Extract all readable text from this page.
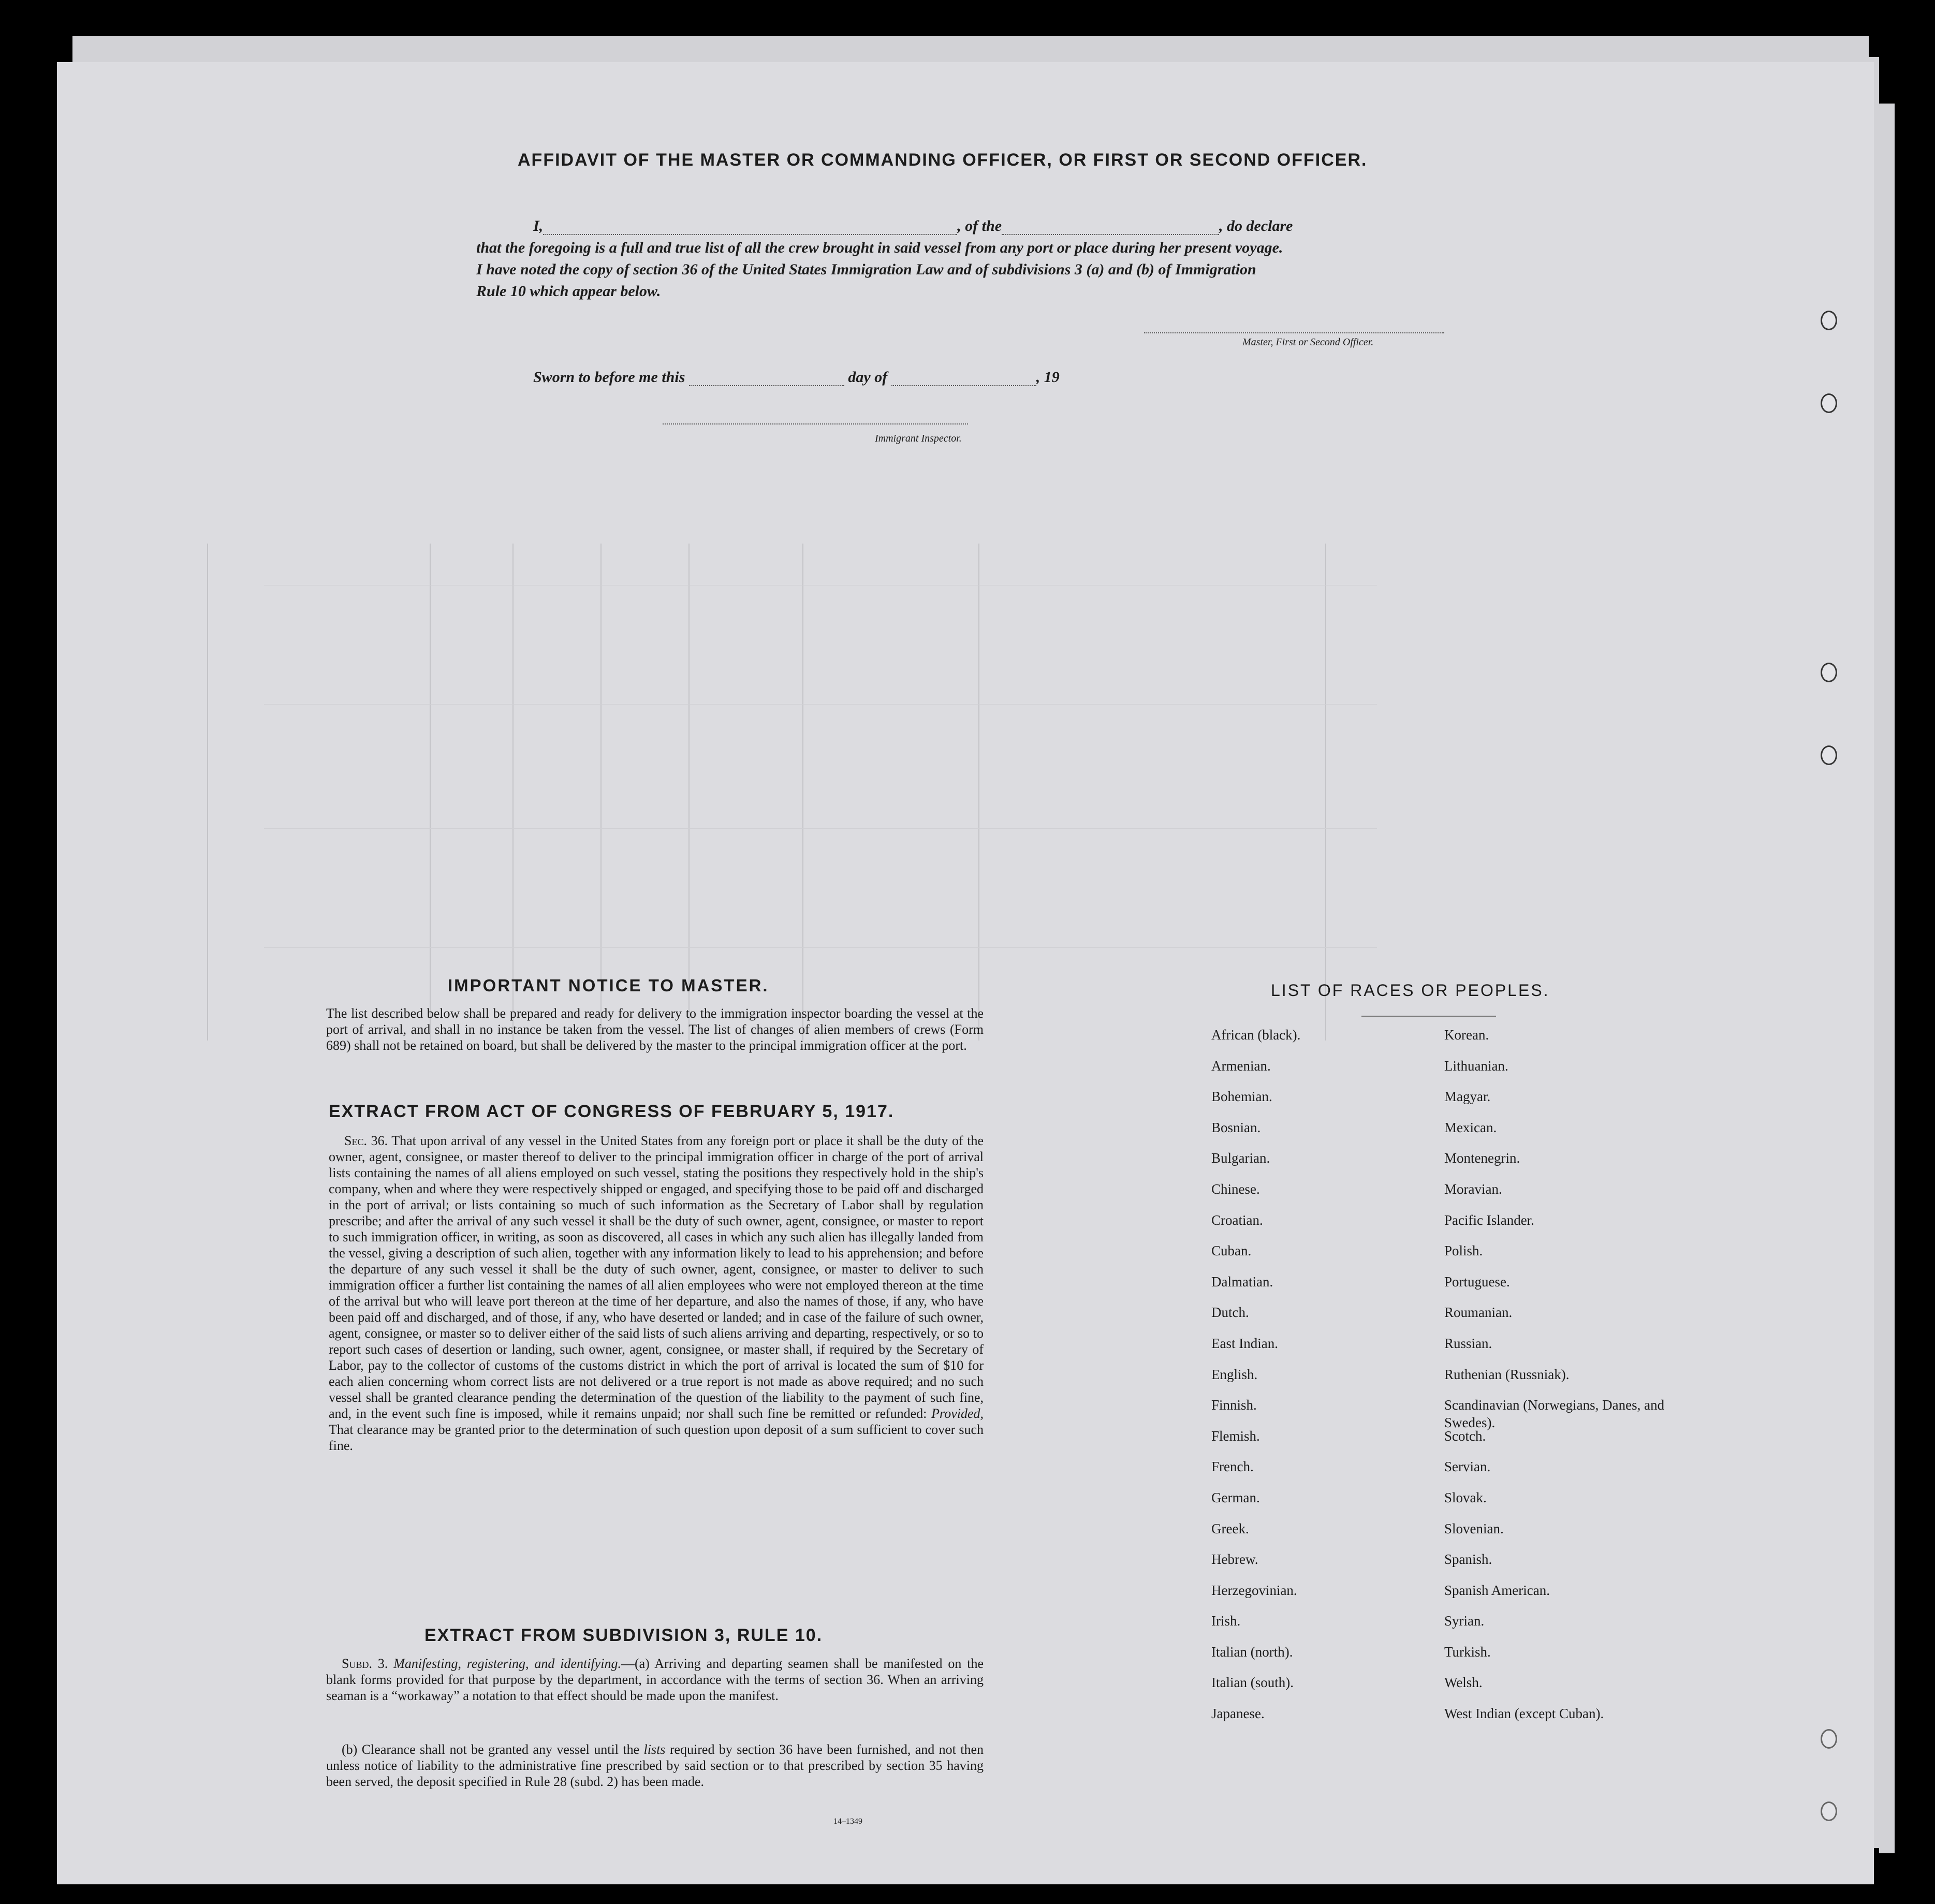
AFFIDAVIT OF THE MASTER OR COMMANDING OFFICER, OR FIRST OR SECOND OFFICER.
I,	, of the	, do declare
that the foregoing is a full and true list of all the crew brought in said vessel from any port or place during her present voyage.
I have noted the copy of section 36 of the United States Immigration Law and of subdivisions 3 (a) and (b) of Immigration
Rule 10 which appear below.
Master, First or Second Officer.
Sworn to before me this	day of	, 19
Immigrant Inspector.
IMPORTANT NOTICE TO MASTER.
The list described below shall be prepared and ready for delivery to the immigration inspector boarding the vessel at the port of arrival, and shall in no instance be taken from the vessel. The list of changes of alien members of crews (Form 689) shall not be retained on board, but shall be delivered by the master to the principal immigration officer at the port.
EXTRACT FROM ACT OF CONGRESS OF FEBRUARY 5, 1917.
Sec. 36. That upon arrival of any vessel in the United States from any foreign port or place it shall be the duty of the owner, agent, consignee, or master thereof to deliver to the principal immigration officer in charge of the port of arrival lists containing the names of all aliens employed on such vessel, stating the positions they respectively hold in the ship's company, when and where they were respectively shipped or engaged, and specifying those to be paid off and discharged in the port of arrival; or lists containing so much of such information as the Secretary of Labor shall by regulation prescribe; and after the arrival of any such vessel it shall be the duty of such owner, agent, consignee, or master to report to such immigration officer, in writing, as soon as discovered, all cases in which any such alien has illegally landed from the vessel, giving a description of such alien, together with any information likely to lead to his apprehension; and before the departure of any such vessel it shall be the duty of such owner, agent, consignee, or master to deliver to such immigration officer a further list containing the names of all alien employees who were not employed thereon at the time of the arrival but who will leave port thereon at the time of her departure, and also the names of those, if any, who have been paid off and discharged, and of those, if any, who have deserted or landed; and in case of the failure of such owner, agent, consignee, or master so to deliver either of the said lists of such aliens arriving and departing, respectively, or so to report such cases of desertion or landing, such owner, agent, consignee, or master shall, if required by the Secretary of Labor, pay to the collector of customs of the customs district in which the port of arrival is located the sum of $10 for each alien concerning whom correct lists are not delivered or a true report is not made as above required; and no such vessel shall be granted clearance pending the determination of the question of the liability to the payment of such fine, and, in the event such fine is imposed, while it remains unpaid; nor shall such fine be remitted or refunded: Provided, That clearance may be granted prior to the determination of such question upon deposit of a sum sufficient to cover such fine.
EXTRACT FROM SUBDIVISION 3, RULE 10.
Subd. 3. Manifesting, registering, and identifying.—(a) Arriving and departing seamen shall be manifested on the blank forms provided for that purpose by the department, in accordance with the terms of section 36. When an arriving seaman is a “workaway” a notation to that effect should be made upon the manifest.
(b) Clearance shall not be granted any vessel until the lists required by section 36 have been furnished, and not then unless notice of liability to the administrative fine prescribed by said section or to that prescribed by section 35 having been served, the deposit specified in Rule 28 (subd. 2) has been made.
14–1349
LIST OF RACES OR PEOPLES.
African (black).
Armenian.
Bohemian.
Bosnian.
Bulgarian.
Chinese.
Croatian.
Cuban.
Dalmatian.
Dutch.
East Indian.
English.
Finnish.
Flemish.
French.
German.
Greek.
Hebrew.
Herzegovinian.
Irish.
Italian (north).
Italian (south).
Japanese.
Korean.
Lithuanian.
Magyar.
Mexican.
Montenegrin.
Moravian.
Pacific Islander.
Polish.
Portuguese.
Roumanian.
Russian.
Ruthenian (Russniak).
Scandinavian (Norwegians, Danes, and Swedes).
Scotch.
Servian.
Slovak.
Slovenian.
Spanish.
Spanish American.
Syrian.
Turkish.
Welsh.
West Indian (except Cuban).
